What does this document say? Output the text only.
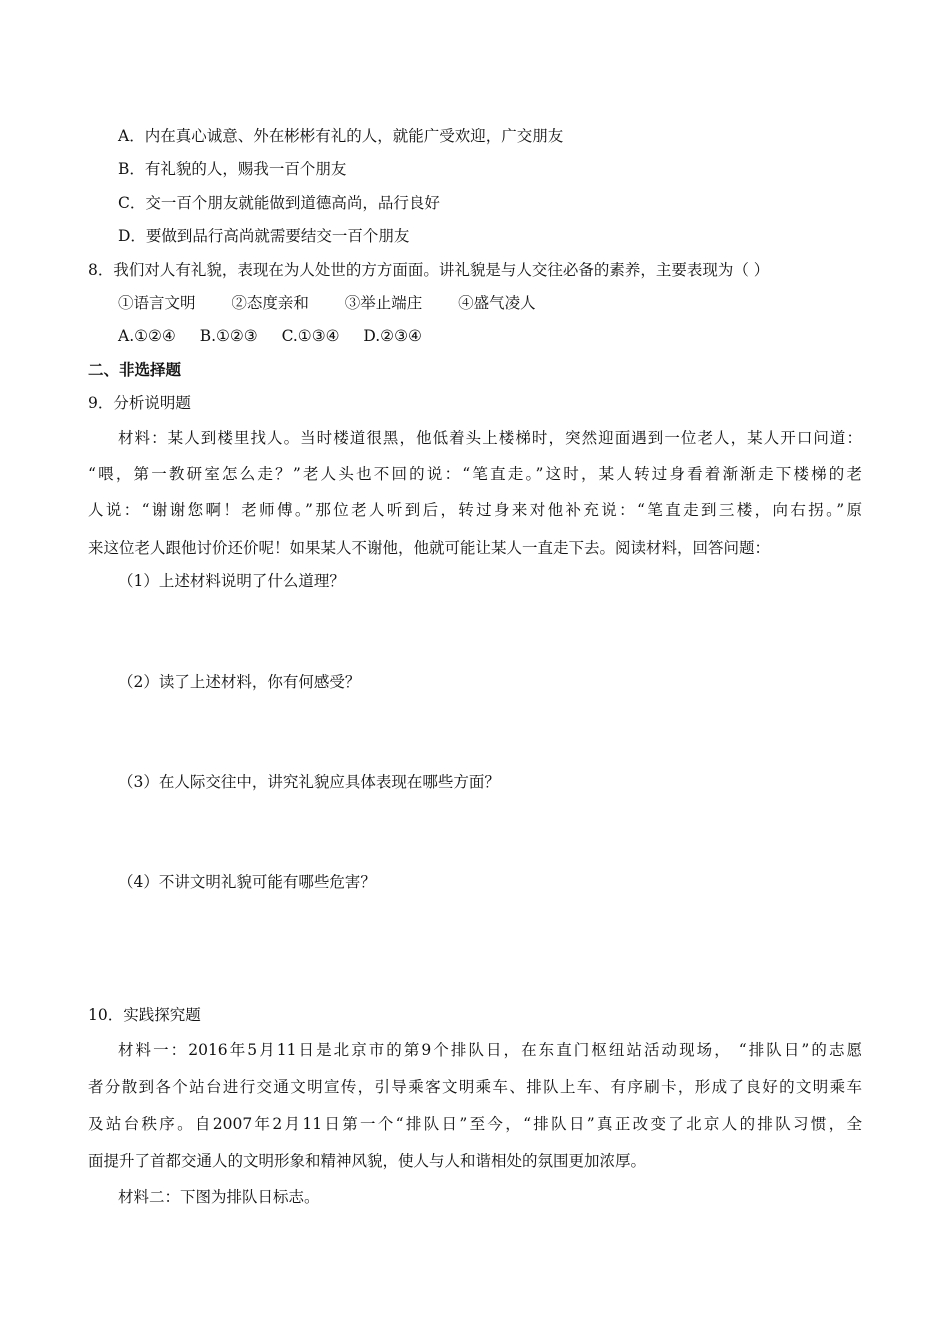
A．内在真心诚意、外在彬彬有礼的人，就能广受欢迎，广交朋友
B．有礼貌的人，赐我一百个朋友
C．交一百个朋友就能做到道德高尚，品行良好
D．要做到品行高尚就需要结交一百个朋友
8．我们对人有礼貌，表现在为人处世的方方面面。讲礼貌是与人交往必备的素养，主要表现为（ ）
①语言文明 ②态度亲和 ③举止端庄 ④盛气凌人
A.①②④ B.①②③ C.①③④ D.②③④
二、非选择题
9．分析说明题
材料：某人到楼里找人。当时楼道很黑，他低着头上楼梯时，突然迎面遇到一位老人，某人开口问道：
“喂，第一教研室怎么走？”老人头也不回的说：“笔直走。”这时，某人转过身看着渐渐走下楼梯的老
人说：“谢谢您啊！老师傅。”那位老人听到后，转过身来对他补充说：“笔直走到三楼，向右拐。”原
来这位老人跟他讨价还价呢！如果某人不谢他，他就可能让某人一直走下去。阅读材料，回答问题：
（1）上述材料说明了什么道理？
（2）读了上述材料，你有何感受？
（3）在人际交往中，讲究礼貌应具体表现在哪些方面？
（4）不讲文明礼貌可能有哪些危害？
10．实践探究题
材料一：2016年5月11日是北京市的第9个排队日，在东直门枢纽站活动现场， “排队日”的志愿
者分散到各个站台进行交通文明宣传，引导乘客文明乘车、排队上车、有序刷卡，形成了良好的文明乘车
及站台秩序。自2007年2月11日第一个“排队日”至今，“排队日”真正改变了北京人的排队习惯，全
面提升了首都交通人的文明形象和精神风貌，使人与人和谐相处的氛围更加浓厚。
材料二：下图为排队日标志。
